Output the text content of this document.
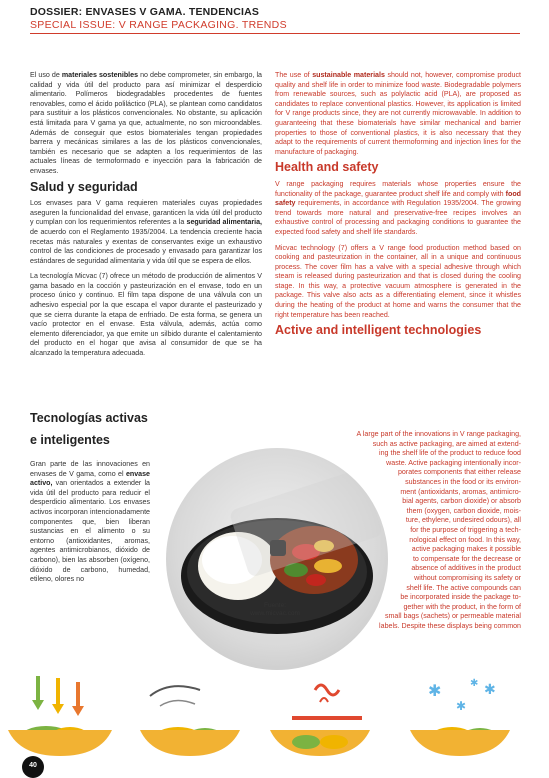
DOSSIER: ENVASES V GAMA. TENDENCIAS
SPECIAL ISSUE: V RANGE PACKAGING. TRENDS

El uso de materiales sostenibles no debe comprometer, sin embargo, la calidad y vida útil del producto para así minimizar el desperdicio alimentario. Polímeros biodegradables procedentes de fuentes renovables, como el ácido poliláctico (PLA), se plantean como candidatos para sustituir a los plásticos convencionales. No obstante, su aplicación está limitada para V gama ya que, actualmente, no son microondables. Además de conseguir que estos biomateriales tengan propiedades barrera y mecánicas similares a las de los plásticos convencionales, también es necesario que se adapten a los requerimientos de las actuales líneas de termoformado e inyección para la fabricación de envases.

Salud y seguridad

Los envases para V gama requieren materiales cuyas propiedades aseguren la funcionalidad del envase, garanticen la vida útil del producto y cumplan con los requerimientos referentes a la seguridad alimentaria, de acuerdo con el Reglamento 1935/2004. La tendencia creciente hacia recetas más naturales y exentas de conservantes exige un exhaustivo control de las condiciones de procesado y envasado para garantizar los estándares de seguridad alimentaria y vida útil que se espera de ellos.

La tecnología Micvac (7) ofrece un método de producción de alimentos V gama basado en la cocción y pasteurización en el envase, todo en un proceso único y continuo. El film tapa dispone de una válvula con un adhesivo especial por la que escapa el vapor durante el pasteurizado y que se cierra durante la etapa de enfriado. De esta forma, se genera un vacío protector en el envase. Esta válvula, además, actúa como elemento diferenciador, ya que emite un silbido durante el calentamiento del producto en el hogar que avisa al consumidor de que se ha alcanzado la temperatura adecuada.

Tecnologías activas
e inteligentes
Gran parte de las innovaciones en envases de V gama, como el envase activo, van orientados a extender la vida útil del producto para reducir el desperdicio alimentario. Los envases activos incorporan intencionadamente componentes que, bien liberan sustancias en el alimento o su entorno (antioxidantes, aromas, agentes antimicrobianos, dióxido de carbono), bien las absorben (oxígeno, dióxido de carbono, humedad, etileno, olores no

The use of sustainable materials should not, however, compromise product quality and shelf life in order to minimize food waste. Biodegradable polymers from renewable sources, such as polylactic acid (PLA), are proposed as candidates to replace conventional plastics. However, its application is limited for V range products since, they are not currently microwavable. In addition to guaranteeing that these biomaterials have similar mechanical and barrier properties to those of conventional plastics, it is also necessary that they adapt to the requirements of current thermoforming and injection lines for the manufacture of packaging.

Health and safety

V range packaging requires materials whose properties ensure the functionality of the package, guarantee product shelf life and comply with food safety requirements, in accordance with Regulation 1935/2004. The growing trend towards more natural and preservative-free recipes involves an exhaustive control of processing and packaging conditions to guarantee the expected food safety and shelf life standards.

Micvac technology (7) offers a V range food production method based on cooking and pasteurization in the container, all in a unique and continuous process. The cover film has a valve with a special adhesive through which steam is released during pasteurization and that is closed during the cooling stage. In this way, a protective vacuum atmosphere is generated in the package. This valve also acts as a differentiating element, since it whistles during the heating of the product at home and warns the consumer that the right temperature has been reached.

Active and intelligent technologies
A large part of the innovations in V range packaging,
such as active packaging, are aimed at extend-
ing the shelf life of the product to reduce food
waste. Active packaging intentionally incor-
porates components that either release
substances in the food or its environ-
ment (antioxidants, aromas, antimicro-
bial agents, carbon dioxide) or absorb
them (oxygen, carbon dioxide, mois-
ture, ethylene, undesired odours), all
for the purpose of triggering a tech-
nological effect on food. In this way,
active packaging makes it possible
to compensate for the decrease or
absence of additives in the product
without compromising its safety or
shelf life. The active compounds can
be incorporated inside the package to-
gether with the product, in the form of
small bags (sachets) or permeable material
labels. Despite these displays being common
Fuente:
www.micvac.com
✱
✱
✱
✱
40
